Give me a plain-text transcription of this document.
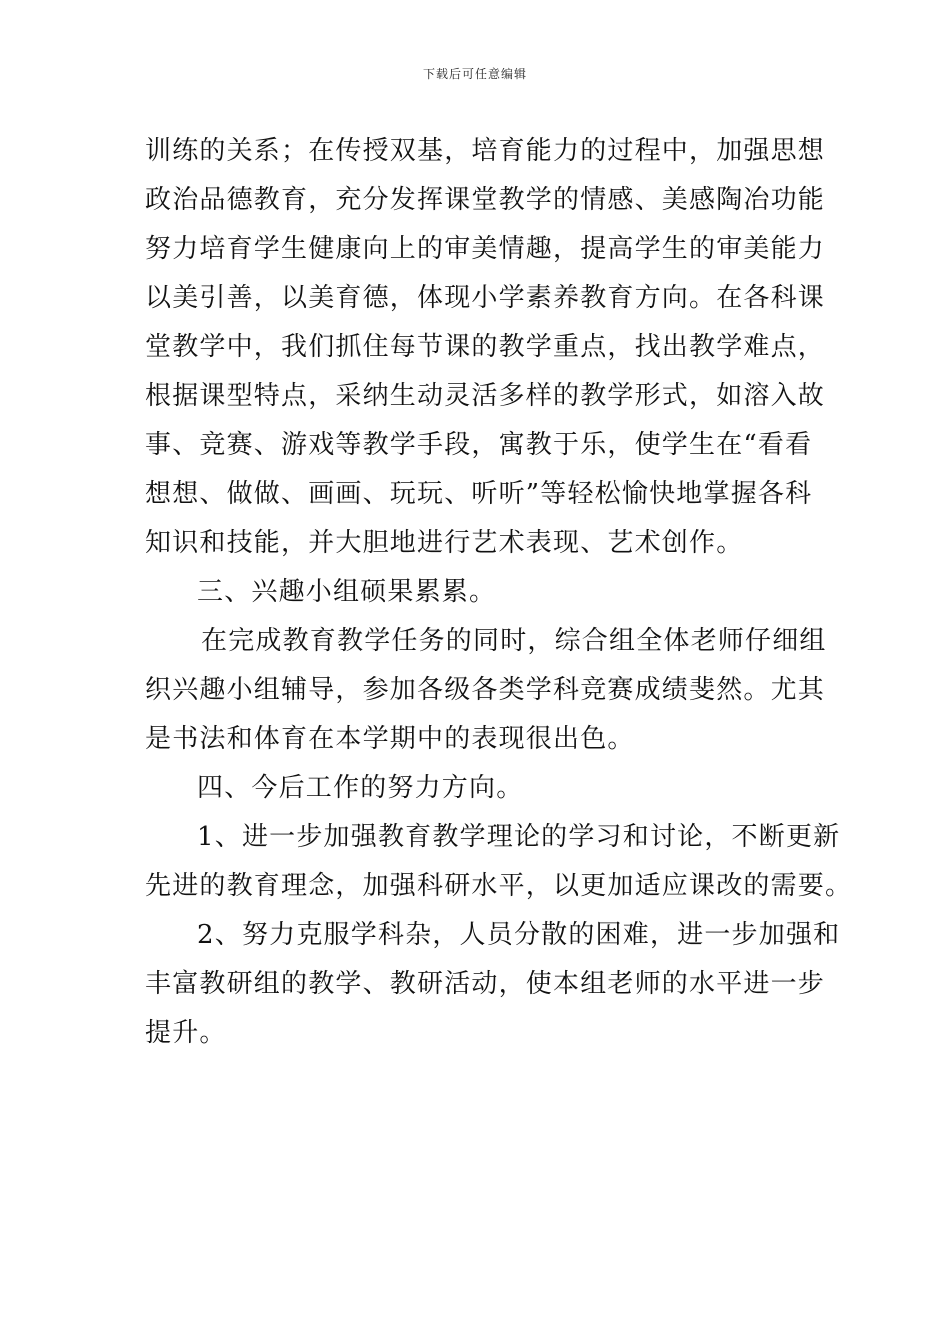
下载后可任意编辑
训练的关系；在传授双基，培育能力的过程中，加强思想
政治品德教育，充分发挥课堂教学的情感、美感陶冶功能
努力培育学生健康向上的审美情趣，提高学生的审美能力
以美引善，以美育德，体现小学素养教育方向。在各科课
堂教学中，我们抓住每节课的教学重点，找出教学难点，
根据课型特点，采纳生动灵活多样的教学形式，如溶入故
事、竞赛、游戏等教学手段，寓教于乐，使学生在“看看
想想、做做、画画、玩玩、听听”等轻松愉快地掌握各科
知识和技能，并大胆地进行艺术表现、艺术创作。
三、兴趣小组硕果累累。
在完成教育教学任务的同时，综合组全体老师仔细组
织兴趣小组辅导，参加各级各类学科竞赛成绩斐然。尤其
是书法和体育在本学期中的表现很出色。
四、今后工作的努力方向。
1、进一步加强教育教学理论的学习和讨论，不断更新
先进的教育理念，加强科研水平，以更加适应课改的需要。
2、努力克服学科杂，人员分散的困难，进一步加强和
丰富教研组的教学、教研活动，使本组老师的水平进一步
提升。
